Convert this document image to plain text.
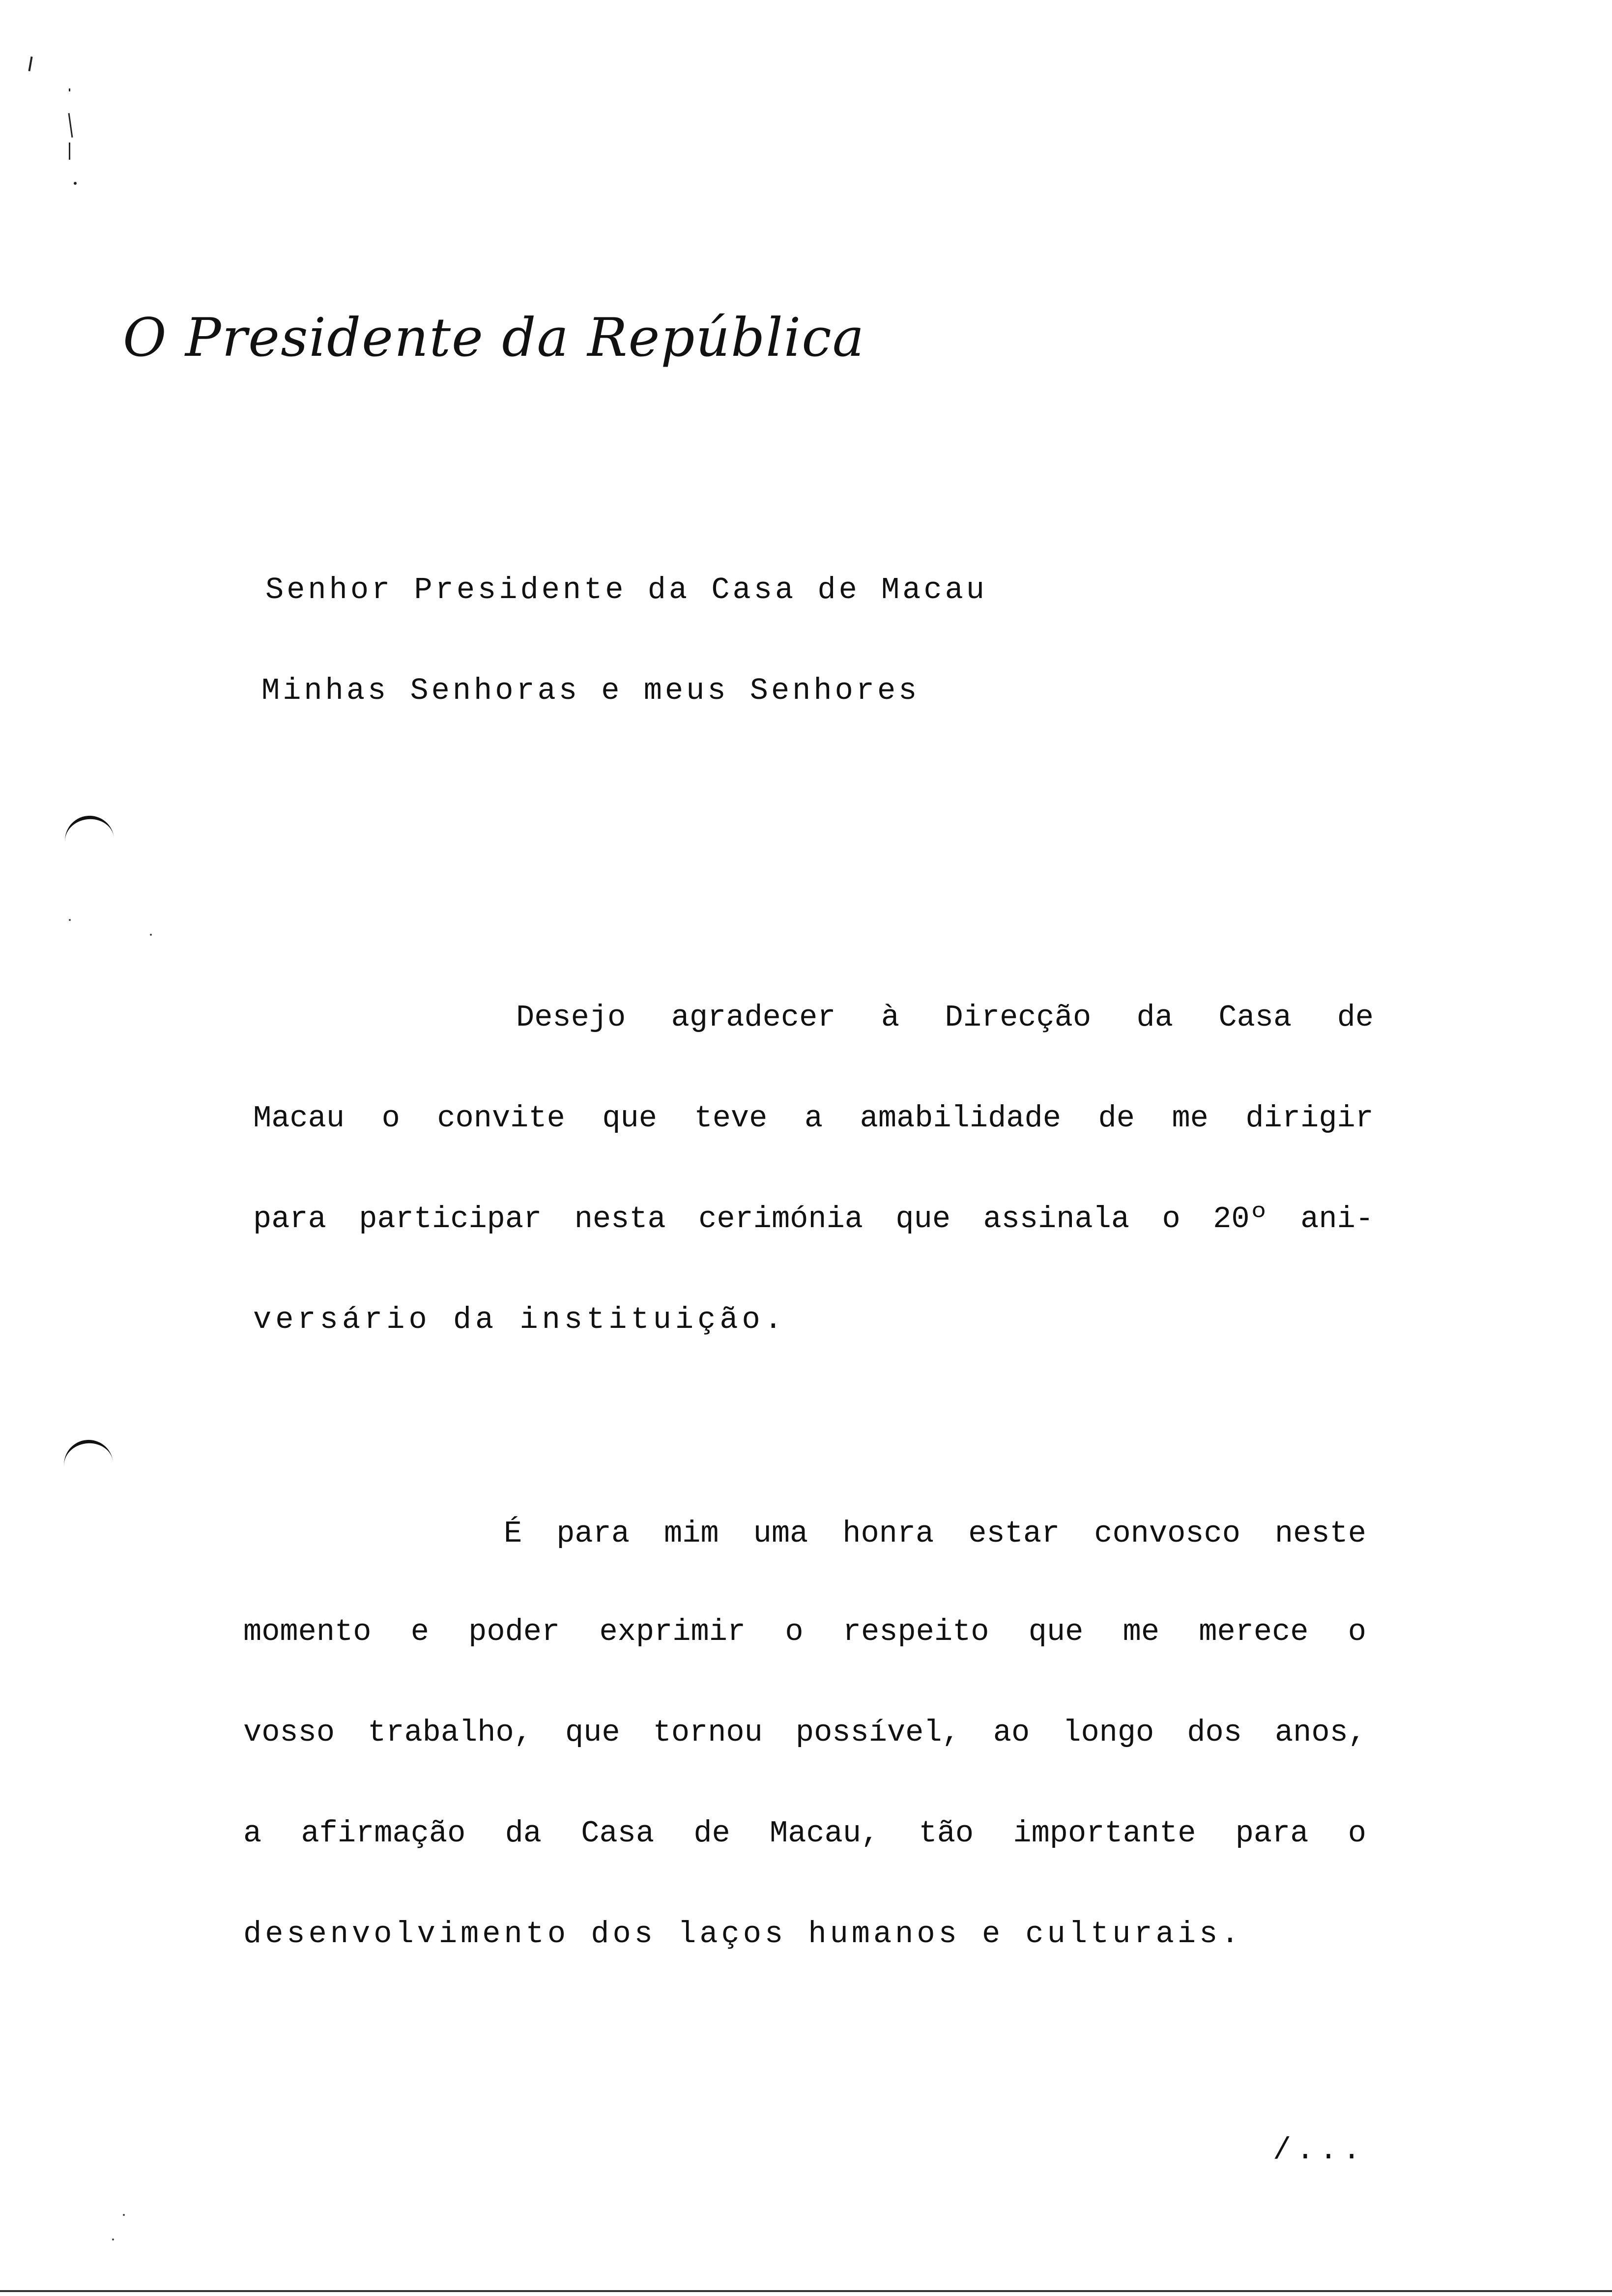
O Presidente da República
Senhor Presidente da Casa de Macau
Minhas Senhoras e meus Senhores
Desejo agradecer à Direcção da Casa de
Macau o convite que teve a amabilidade de me dirigir
para participar nesta cerimónia que assinala o 20º ani-
versário da instituição.
É para mim uma honra estar convosco neste
momento e poder exprimir o respeito que me merece o
vosso trabalho, que tornou possível, ao longo dos anos,
a afirmação da Casa de Macau, tão importante para o
desenvolvimento dos laços humanos e culturais.
/...
